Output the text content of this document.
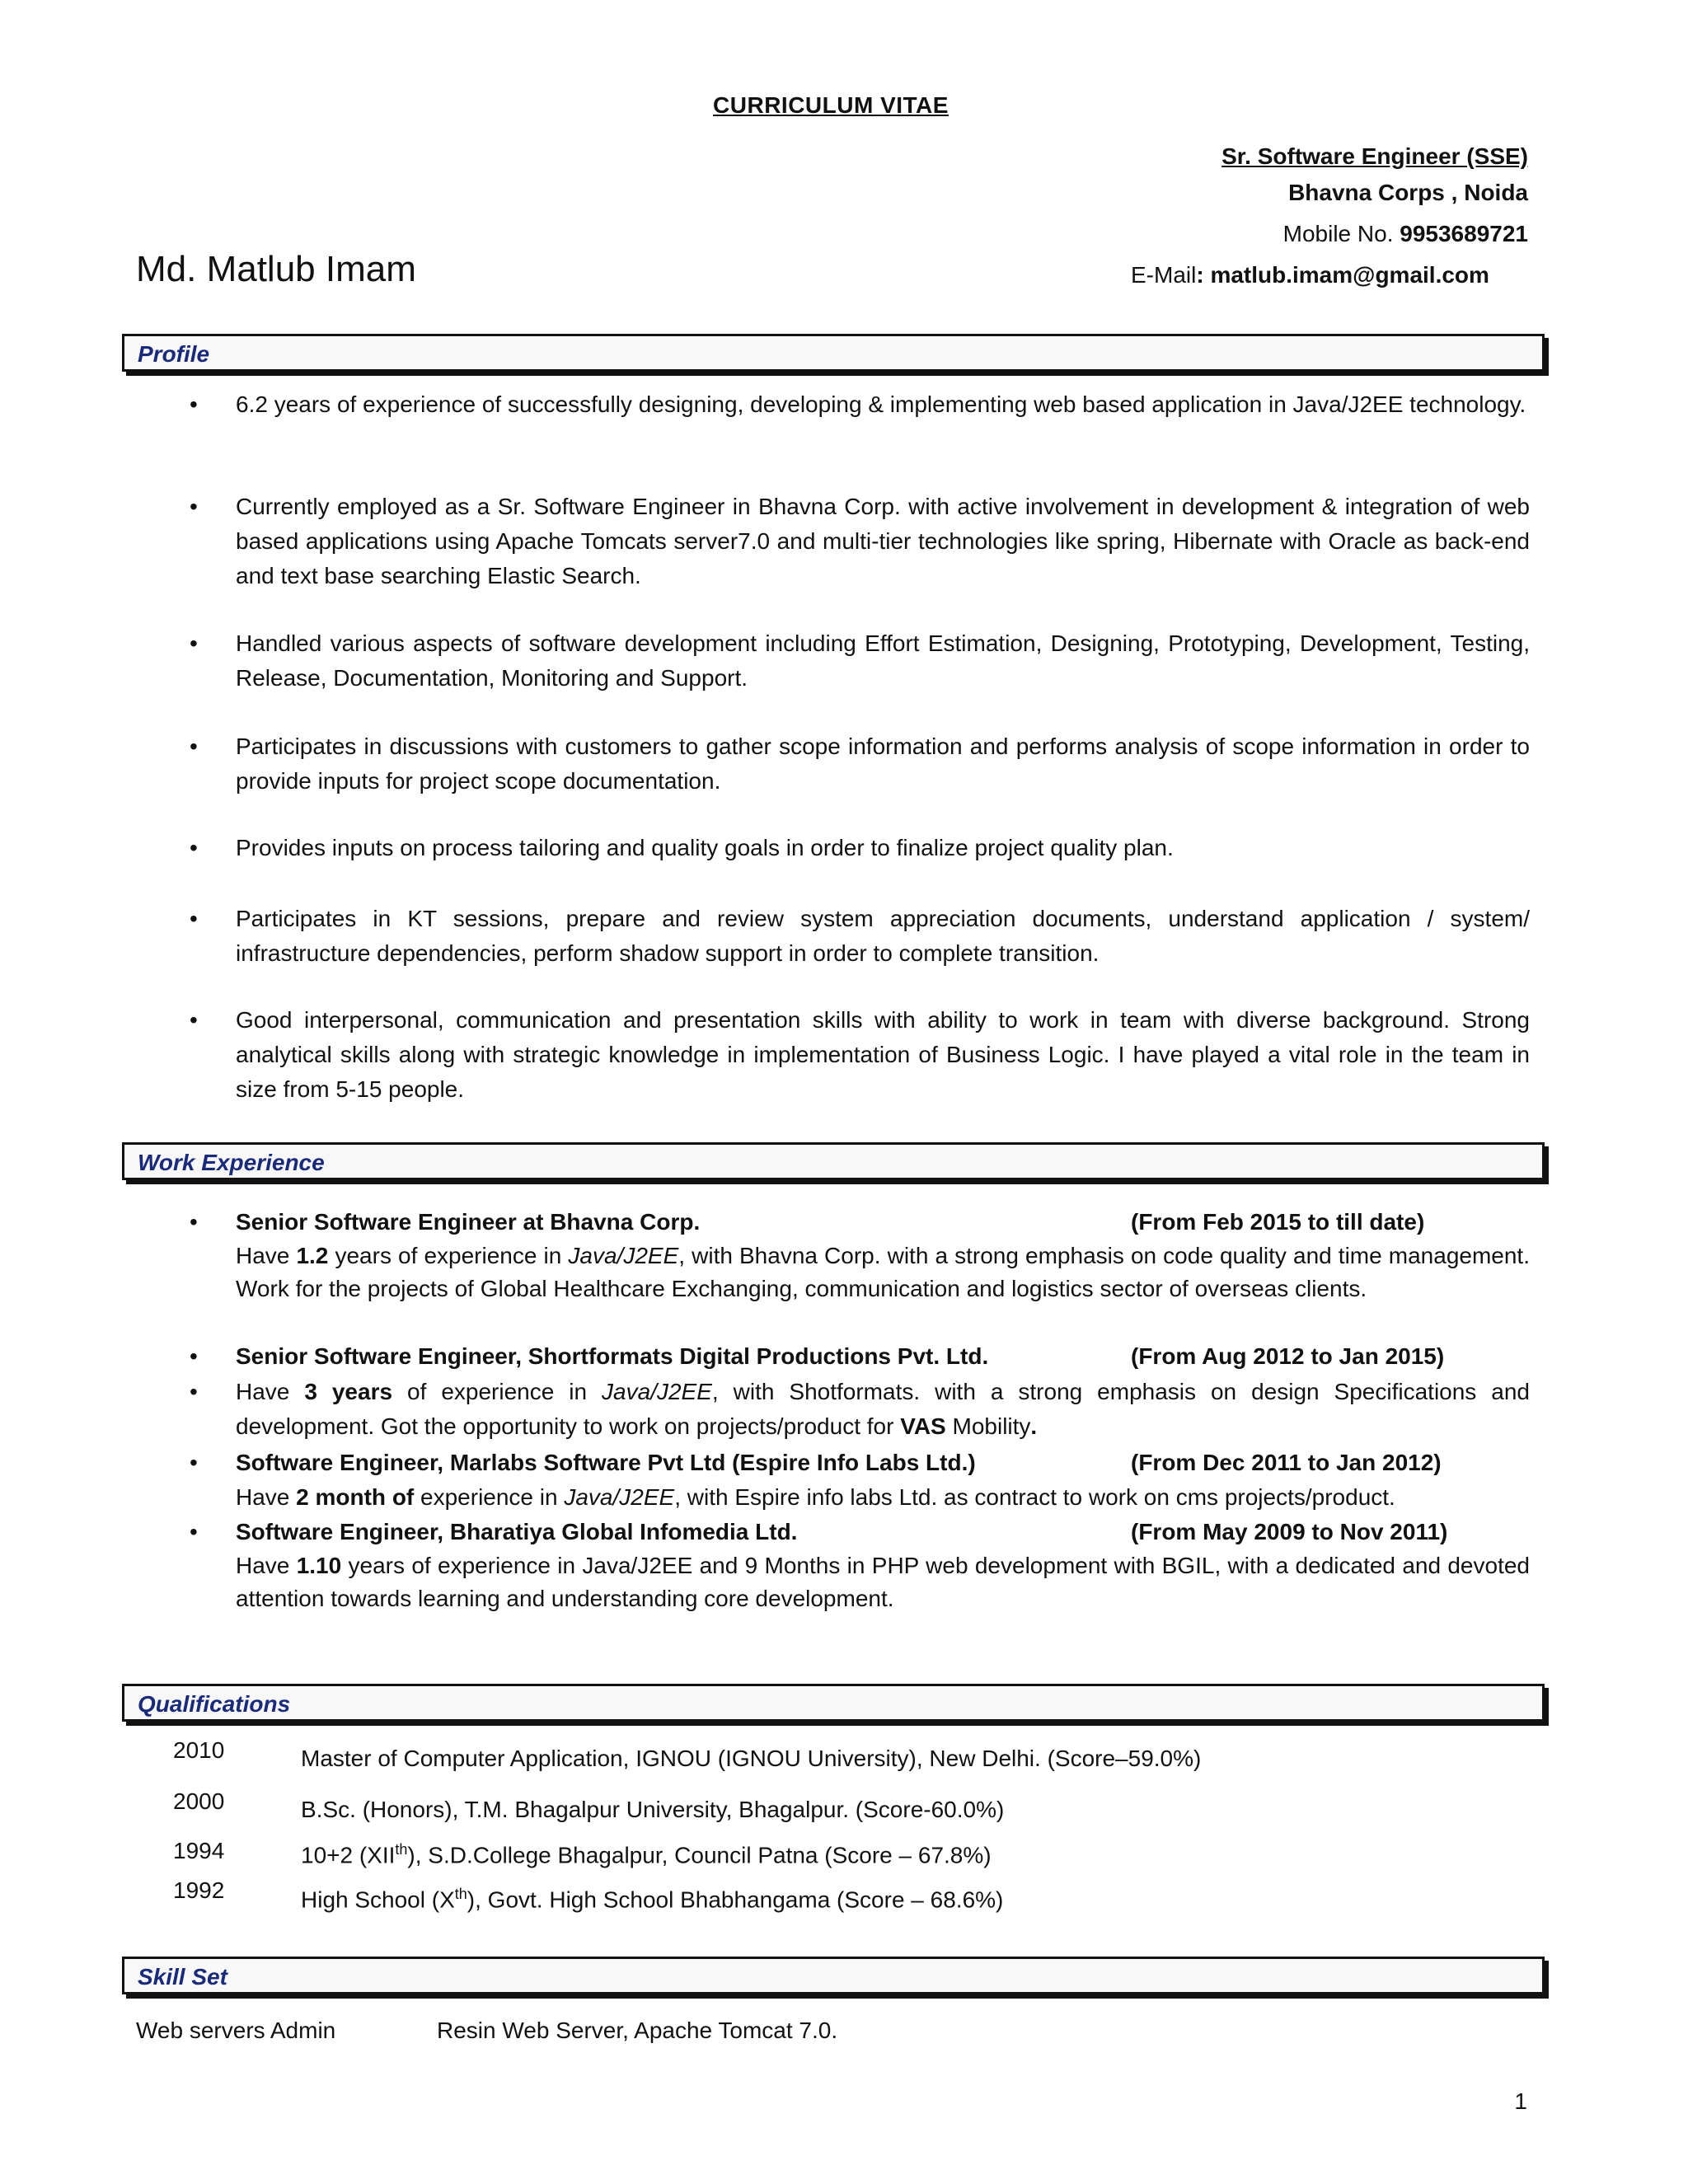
CURRICULUM VITAE
Sr. Software Engineer (SSE)
Bhavna Corps , Noida
Mobile No. 9953689721
Md. Matlub Imam	E-Mail: matlub.imam@gmail.com
Profile
• 6.2 years of experience of successfully designing, developing & implementing web based application in Java/J2EE technology.
• Currently employed as a Sr. Software Engineer in Bhavna Corp. with active involvement in development & integration of web based applications using Apache Tomcats server7.0 and multi-tier technologies like spring, Hibernate with Oracle as back-end and text base searching Elastic Search.
• Handled various aspects of software development including Effort Estimation, Designing, Prototyping, Development, Testing, Release, Documentation, Monitoring and Support.
• Participates in discussions with customers to gather scope information and performs analysis of scope information in order to provide inputs for project scope documentation.
• Provides inputs on process tailoring and quality goals in order to finalize project quality plan.
• Participates in KT sessions, prepare and review system appreciation documents, understand application / system/ infrastructure dependencies, perform shadow support in order to complete transition.
• Good interpersonal, communication and presentation skills with ability to work in team with diverse background. Strong analytical skills along with strategic knowledge in implementation of Business Logic. I have played a vital role in the team in size from 5-15 people.
Work Experience
• Senior Software Engineer at Bhavna Corp.	(From Feb 2015 to till date)
Have 1.2 years of experience in Java/J2EE, with Bhavna Corp. with a strong emphasis on code quality and time management. Work for the projects of Global Healthcare Exchanging, communication and logistics sector of overseas clients.
• Senior Software Engineer, Shortformats Digital Productions Pvt. Ltd.	(From Aug 2012 to Jan 2015)
• Have 3 years of experience in Java/J2EE, with Shotformats. with a strong emphasis on design Specifications and development. Got the opportunity to work on projects/product for VAS Mobility.
• Software Engineer, Marlabs Software Pvt Ltd (Espire Info Labs Ltd.)	(From Dec 2011 to Jan 2012)
Have 2 month of experience in Java/J2EE, with Espire info labs Ltd. as contract to work on cms projects/product.
• Software Engineer, Bharatiya Global Infomedia Ltd.	(From May 2009 to Nov 2011)
Have 1.10 years of experience in Java/J2EE and 9 Months in PHP web development with BGIL, with a dedicated and devoted attention towards learning and understanding core development.
Qualifications
2010	Master of Computer Application, IGNOU (IGNOU University), New Delhi. (Score–59.0%)
2000	B.Sc. (Honors), T.M. Bhagalpur University, Bhagalpur. (Score-60.0%)
1994	10+2 (XIIth), S.D.College Bhagalpur, Council Patna (Score – 67.8%)
1992	High School (Xth), Govt. High School Bhabhangama (Score – 68.6%)
Skill Set
Web servers Admin	Resin Web Server, Apache Tomcat 7.0.
1
